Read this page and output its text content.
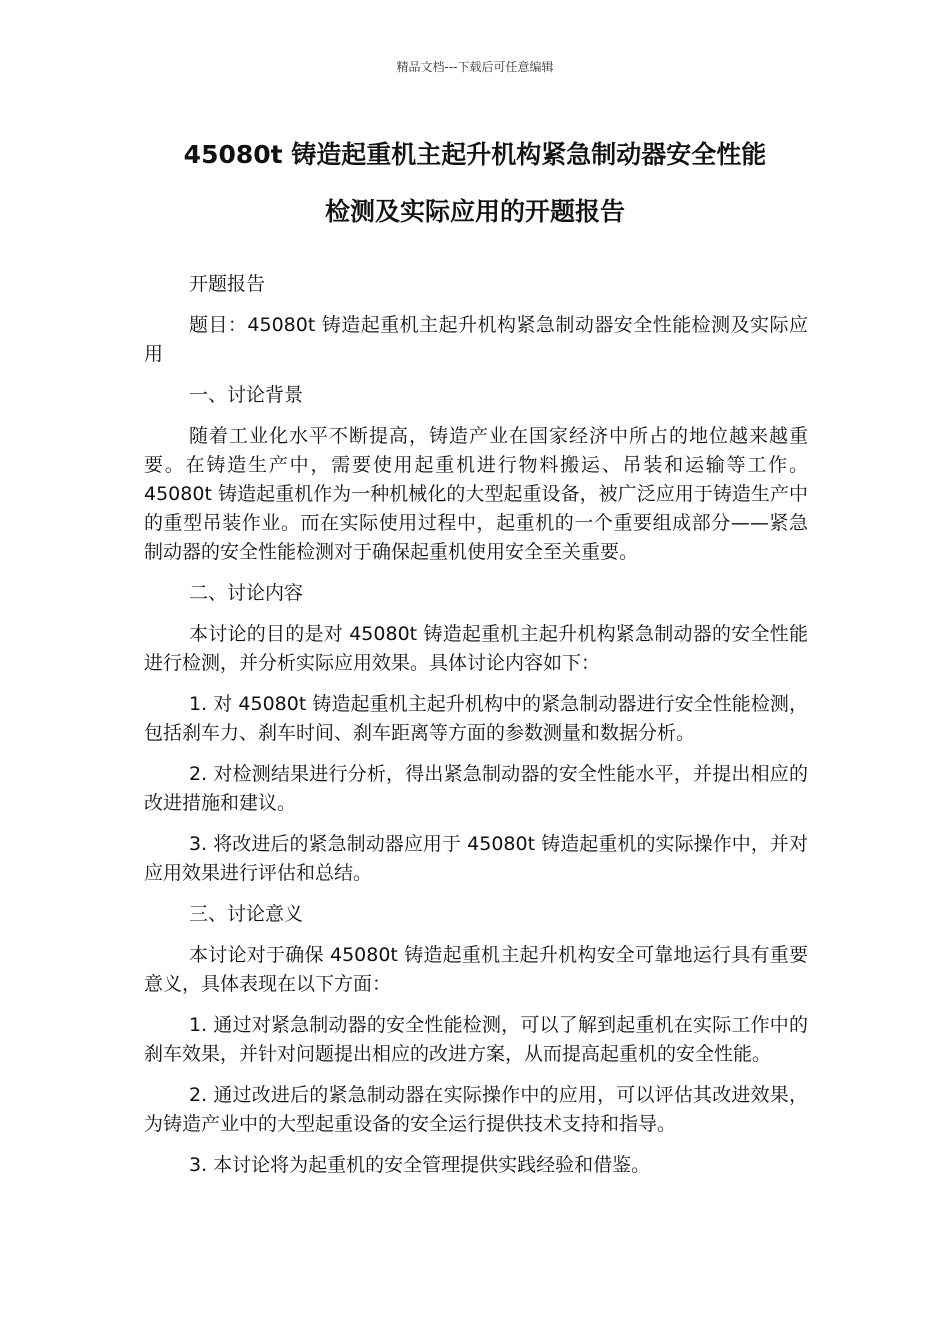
精品文档---下载后可任意编辑
45080t 铸造起重机主起升机构紧急制动器安全性能
检测及实际应用的开题报告

开题报告

题目：45080t 铸造起重机主起升机构紧急制动器安全性能检测及实际应用

一、讨论背景

随着工业化水平不断提高，铸造产业在国家经济中所占的地位越来越重要。在铸造生产中，需要使用起重机进行物料搬运、吊装和运输等工作。45080t 铸造起重机作为一种机械化的大型起重设备，被广泛应用于铸造生产中的重型吊装作业。而在实际使用过程中，起重机的一个重要组成部分——紧急制动器的安全性能检测对于确保起重机使用安全至关重要。

二、讨论内容

本讨论的目的是对 45080t 铸造起重机主起升机构紧急制动器的安全性能进行检测，并分析实际应用效果。具体讨论内容如下：

1. 对 45080t 铸造起重机主起升机构中的紧急制动器进行安全性能检测，包括刹车力、刹车时间、刹车距离等方面的参数测量和数据分析。

2. 对检测结果进行分析，得出紧急制动器的安全性能水平，并提出相应的改进措施和建议。

3. 将改进后的紧急制动器应用于 45080t 铸造起重机的实际操作中，并对应用效果进行评估和总结。

三、讨论意义

本讨论对于确保 45080t 铸造起重机主起升机构安全可靠地运行具有重要意义，具体表现在以下方面：

1. 通过对紧急制动器的安全性能检测，可以了解到起重机在实际工作中的刹车效果，并针对问题提出相应的改进方案，从而提高起重机的安全性能。

2. 通过改进后的紧急制动器在实际操作中的应用，可以评估其改进效果，为铸造产业中的大型起重设备的安全运行提供技术支持和指导。

3. 本讨论将为起重机的安全管理提供实践经验和借鉴。
